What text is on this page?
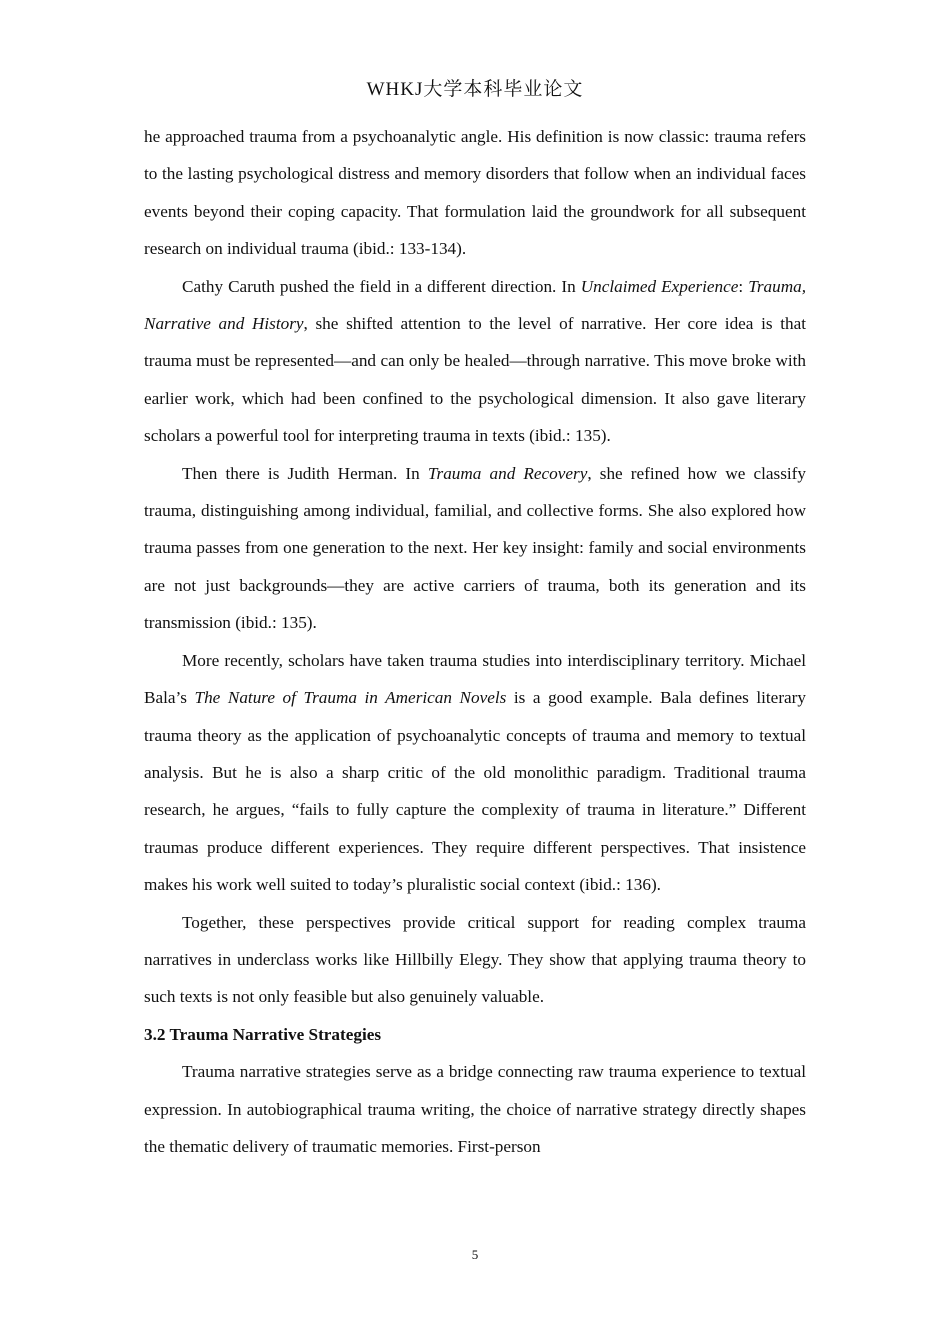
WHKJ大学本科毕业论文

he approached trauma from a psychoanalytic angle. His definition is now classic: trauma refers to the lasting psychological distress and memory disorders that follow when an individual faces events beyond their coping capacity. That formulation laid the groundwork for all subsequent research on individual trauma (ibid.: 133-134).

Cathy Caruth pushed the field in a different direction. In Unclaimed Experience: Trauma, Narrative and History, she shifted attention to the level of narrative. Her core idea is that trauma must be represented—and can only be healed—through narrative. This move broke with earlier work, which had been confined to the psychological dimension. It also gave literary scholars a powerful tool for interpreting trauma in texts (ibid.: 135).

Then there is Judith Herman. In Trauma and Recovery, she refined how we classify trauma, distinguishing among individual, familial, and collective forms. She also explored how trauma passes from one generation to the next. Her key insight: family and social environments are not just backgrounds—they are active carriers of trauma, both its generation and its transmission (ibid.: 135).

More recently, scholars have taken trauma studies into interdisciplinary territory. Michael Bala’s The Nature of Trauma in American Novels is a good example. Bala defines literary trauma theory as the application of psychoanalytic concepts of trauma and memory to textual analysis. But he is also a sharp critic of the old monolithic paradigm. Traditional trauma research, he argues, “fails to fully capture the complexity of trauma in literature.” Different traumas produce different experiences. They require different perspectives. That insistence makes his work well suited to today’s pluralistic social context (ibid.: 136).

Together, these perspectives provide critical support for reading complex trauma narratives in underclass works like Hillbilly Elegy. They show that applying trauma theory to such texts is not only feasible but also genuinely valuable.

3.2 Trauma Narrative Strategies

Trauma narrative strategies serve as a bridge connecting raw trauma experience to textual expression. In autobiographical trauma writing, the choice of narrative strategy directly shapes the thematic delivery of traumatic memories. First-person

5
